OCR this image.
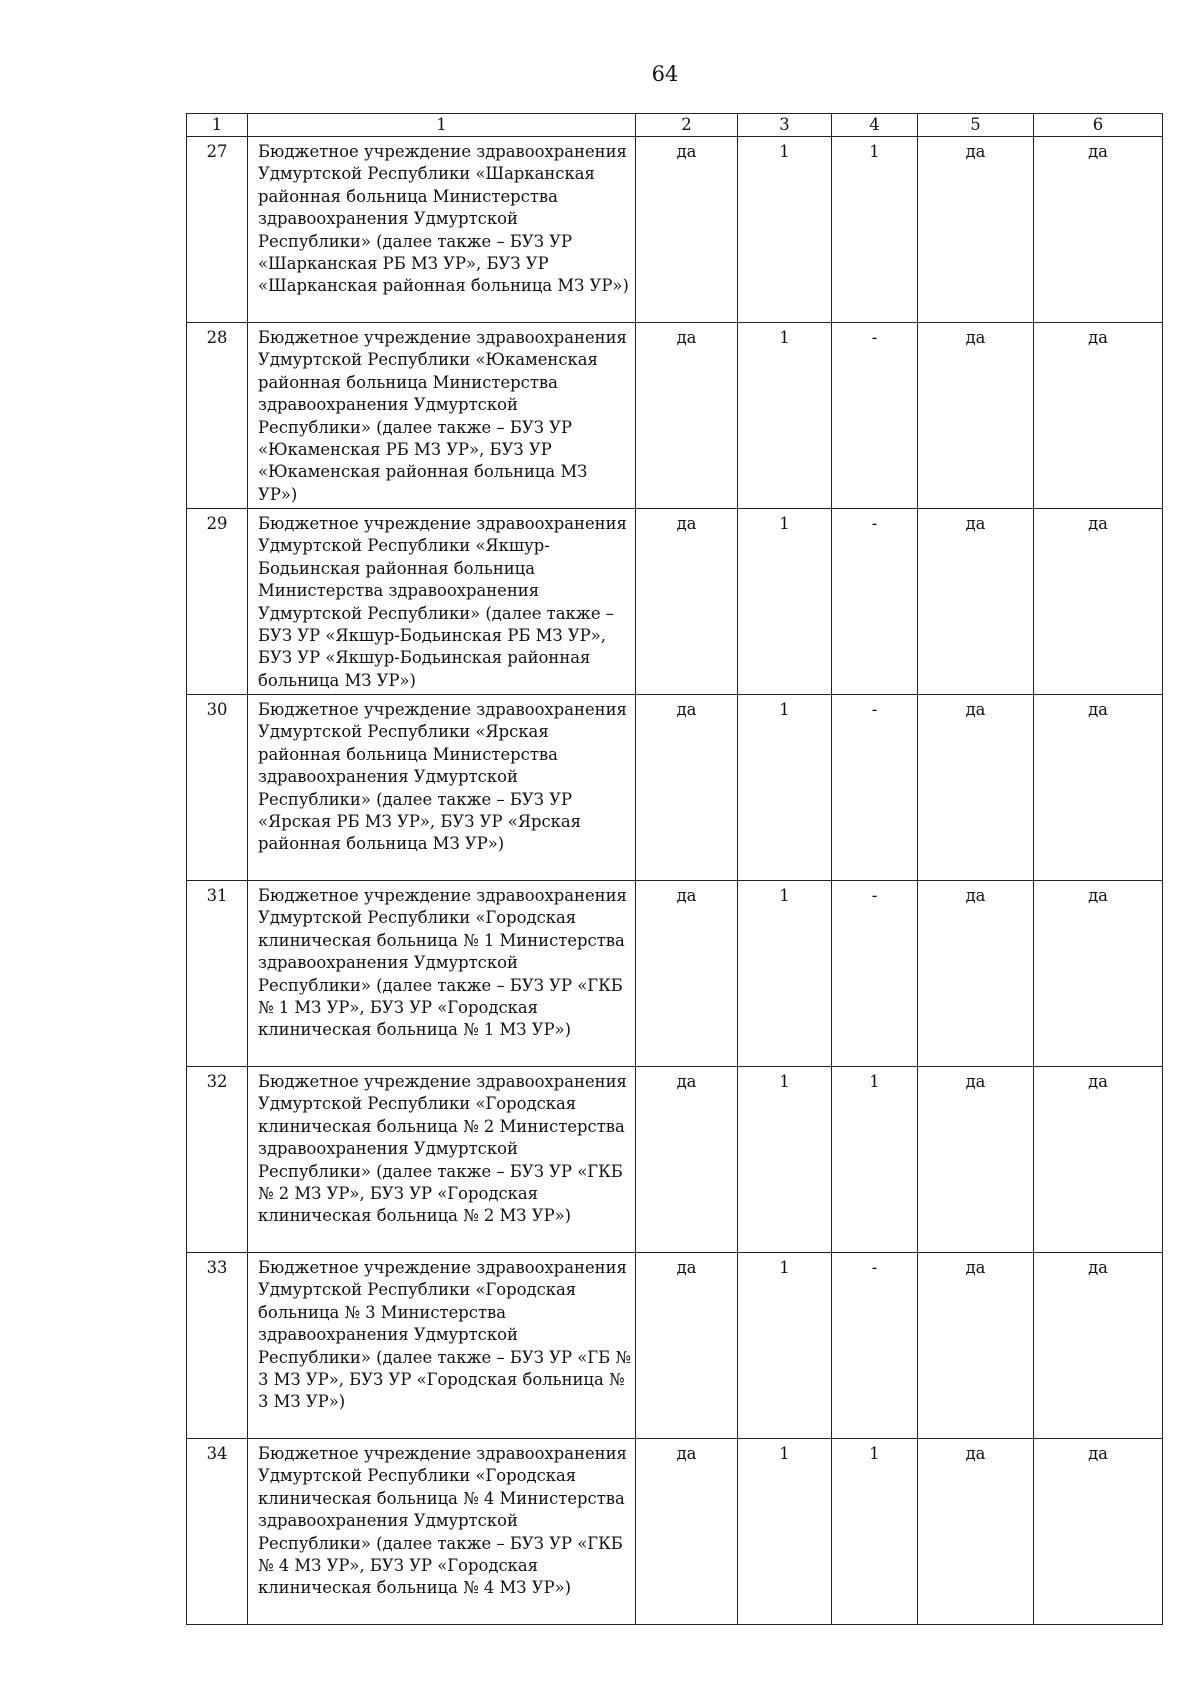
64
1	1	2	3	4	5	6
27	Бюджетное учреждение здравоохранения Удмуртской Республики «Шарканская районная больница Министерства здравоохранения Удмуртской Республики» (далее также – БУЗ УР «Шарканская РБ МЗ УР», БУЗ УР «Шарканская районная больница МЗ УР»)	да	1	1	да	да
28	Бюджетное учреждение здравоохранения Удмуртской Республики «Юкаменская районная больница Министерства здравоохранения Удмуртской Республики» (далее также – БУЗ УР «Юкаменская РБ МЗ УР», БУЗ УР «Юкаменская районная больница МЗ УР»)	да	1	-	да	да
29	Бюджетное учреждение здравоохранения Удмуртской Республики «Якшур-Бодьинская районная больница Министерства здравоохранения Удмуртской Республики» (далее также – БУЗ УР «Якшур-Бодьинская РБ МЗ УР», БУЗ УР «Якшур-Бодьинская районная больница МЗ УР»)	да	1	-	да	да
30	Бюджетное учреждение здравоохранения Удмуртской Республики «Ярская районная больница Министерства здравоохранения Удмуртской Республики» (далее также – БУЗ УР «Ярская РБ МЗ УР», БУЗ УР «Ярская районная больница МЗ УР»)	да	1	-	да	да
31	Бюджетное учреждение здравоохранения Удмуртской Республики «Городская клиническая больница № 1 Министерства здравоохранения Удмуртской Республики» (далее также – БУЗ УР «ГКБ № 1 МЗ УР», БУЗ УР «Городская клиническая больница № 1 МЗ УР»)	да	1	-	да	да
32	Бюджетное учреждение здравоохранения Удмуртской Республики «Городская клиническая больница № 2 Министерства здравоохранения Удмуртской Республики» (далее также – БУЗ УР «ГКБ № 2 МЗ УР», БУЗ УР «Городская клиническая больница № 2 МЗ УР»)	да	1	1	да	да
33	Бюджетное учреждение здравоохранения Удмуртской Республики «Городская больница № 3 Министерства здравоохранения Удмуртской Республики» (далее также – БУЗ УР «ГБ № 3 МЗ УР», БУЗ УР «Городская больница № 3 МЗ УР»)	да	1	-	да	да
34	Бюджетное учреждение здравоохранения Удмуртской Республики «Городская клиническая больница № 4 Министерства здравоохранения Удмуртской Республики» (далее также – БУЗ УР «ГКБ № 4 МЗ УР», БУЗ УР «Городская клиническая больница № 4 МЗ УР»)	да	1	1	да	да
